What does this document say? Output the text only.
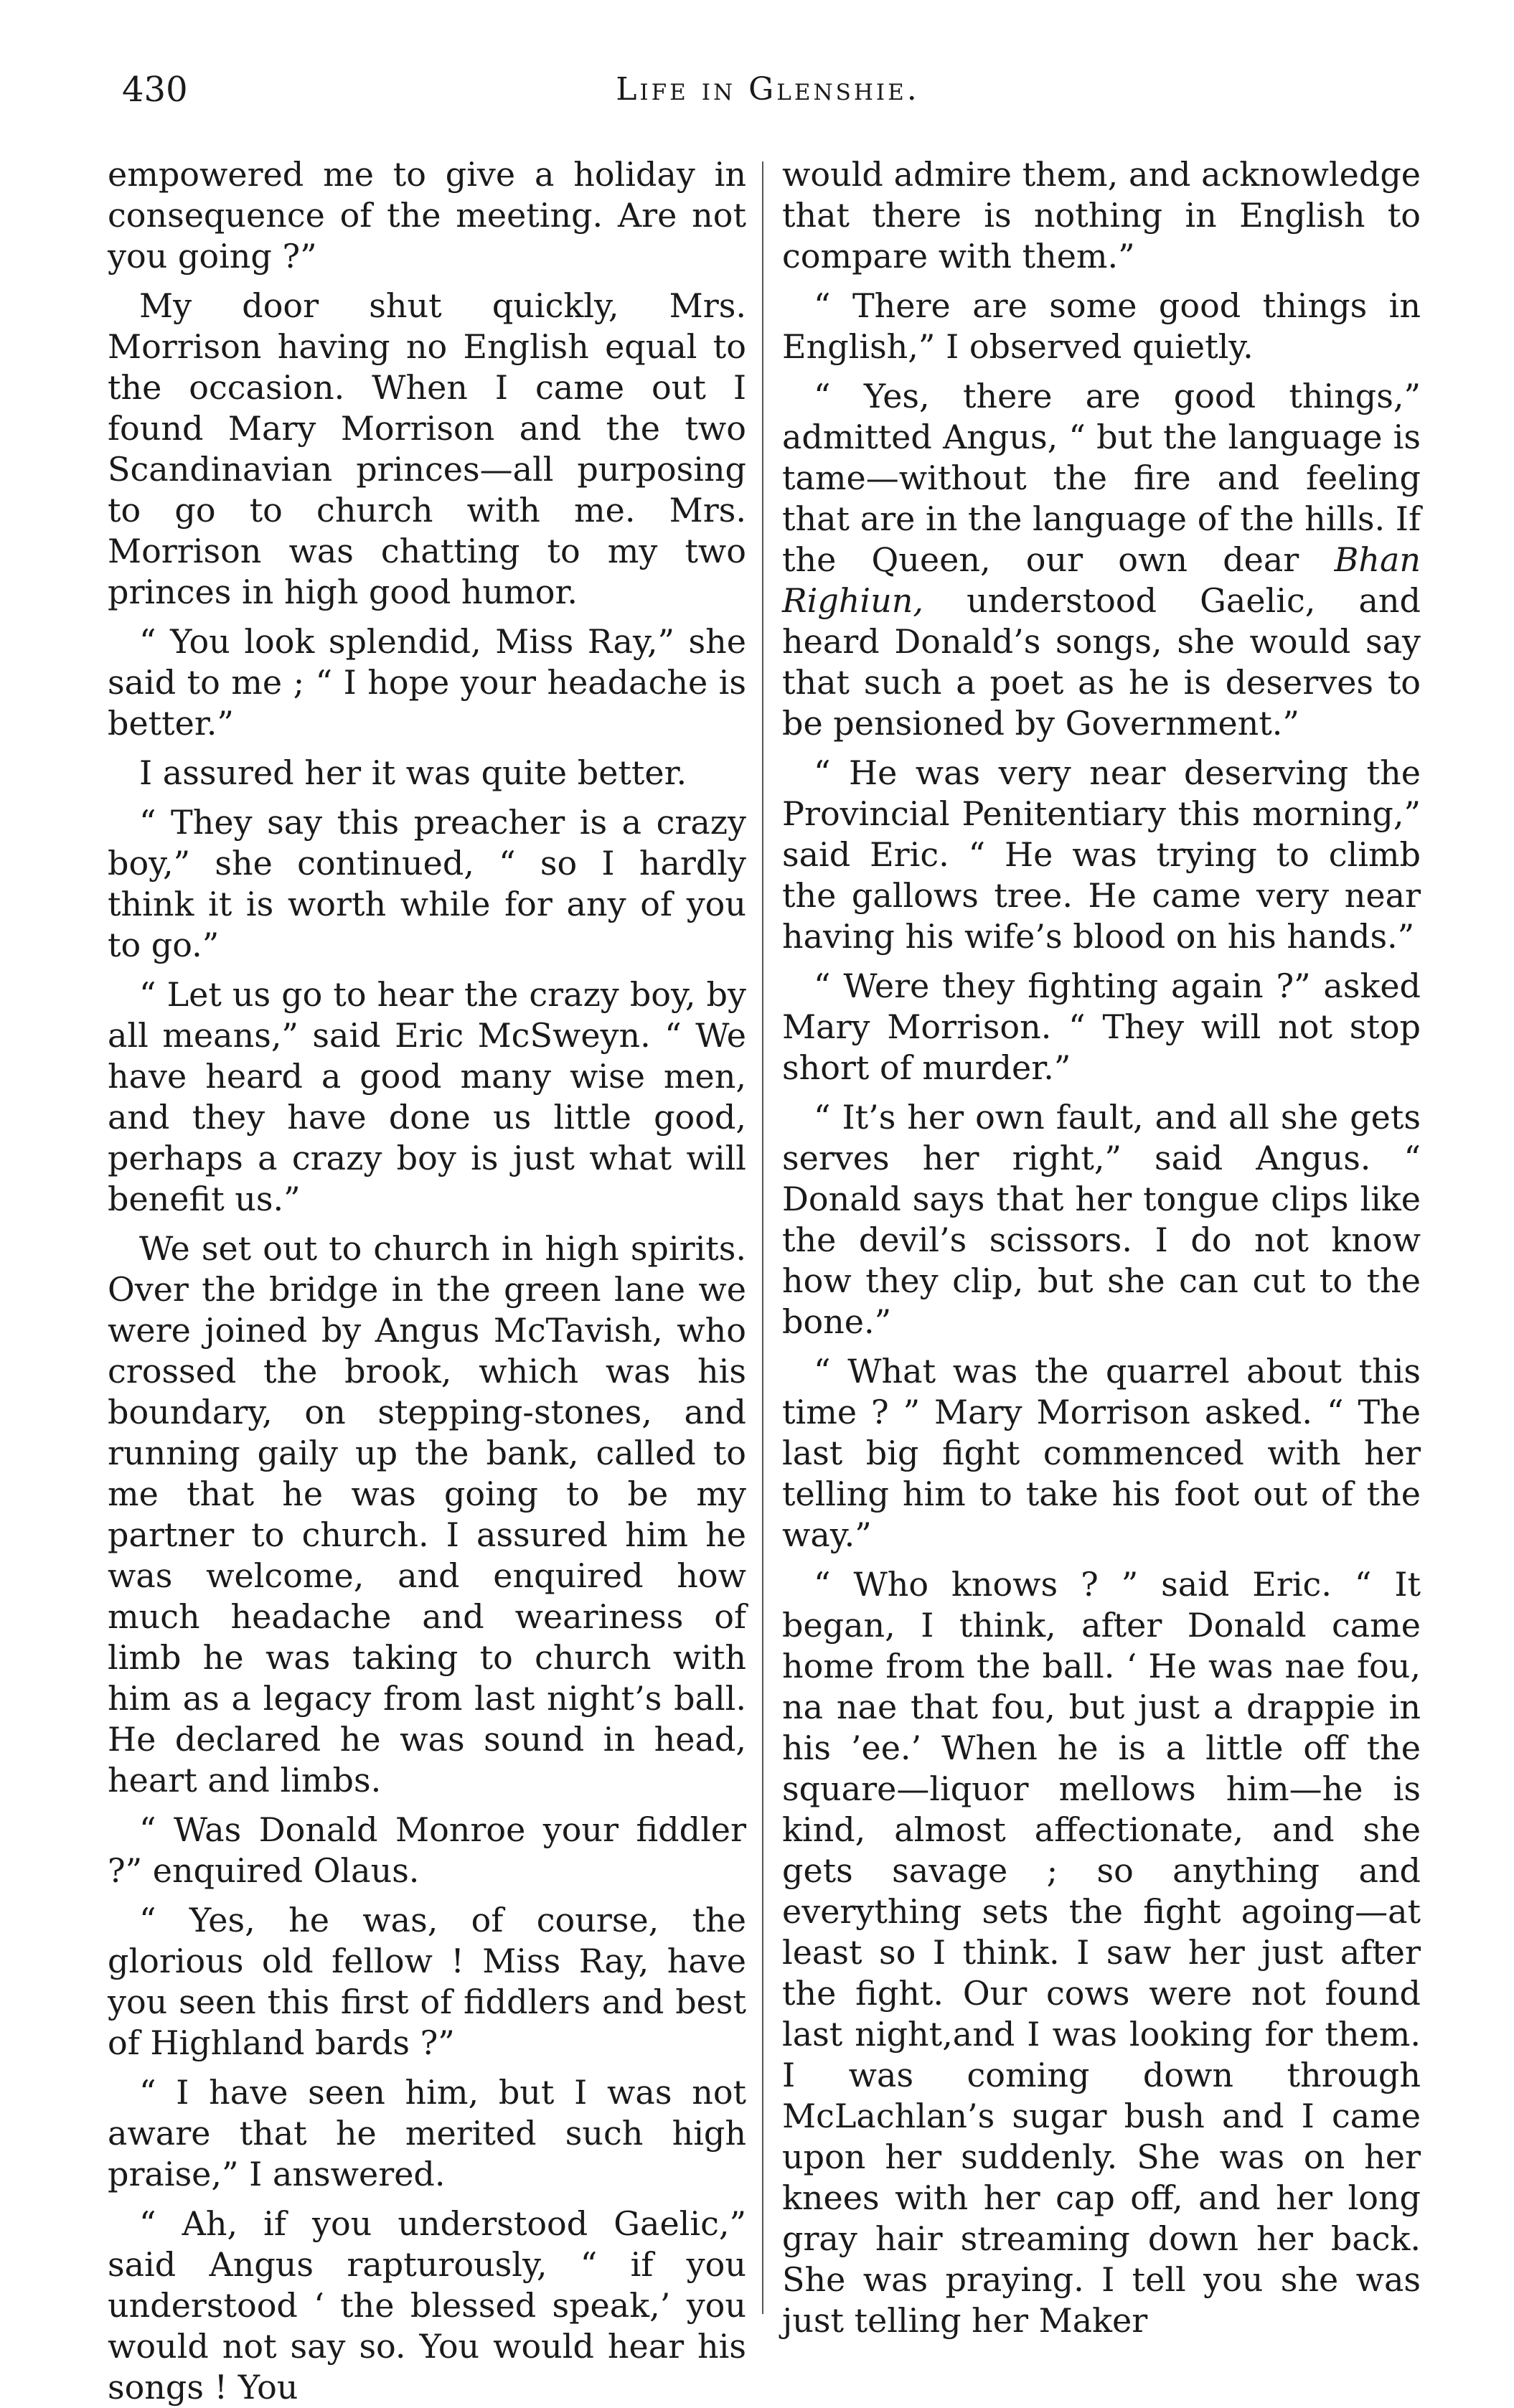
430	Life in Glenshie.

empowered me to give a holiday in consequence of the meeting. Are not you going ?”

My door shut quickly, Mrs. Morrison having no English equal to the occasion. When I came out I found Mary Morrison and the two Scandinavian princes—all purposing to go to church with me. Mrs. Morrison was chatting to my two princes in high good humor.

“ You look splendid, Miss Ray,” she said to me ; “ I hope your headache is better.”

I assured her it was quite better.

“ They say this preacher is a crazy boy,” she continued, “ so I hardly think it is worth while for any of you to go.”

“ Let us go to hear the crazy boy, by all means,” said Eric McSweyn. “ We have heard a good many wise men, and they have done us little good, perhaps a crazy boy is just what will benefit us.”

We set out to church in high spirits. Over the bridge in the green lane we were joined by Angus McTavish, who crossed the brook, which was his boundary, on stepping-stones, and running gaily up the bank, called to me that he was going to be my partner to church. I assured him he was welcome, and enquired how much headache and weariness of limb he was taking to church with him as a legacy from last night’s ball. He declared he was sound in head, heart and limbs.

“ Was Donald Monroe your fiddler ?” enquired Olaus.

“ Yes, he was, of course, the glorious old fellow ! Miss Ray, have you seen this first of fiddlers and best of Highland bards ?”

“ I have seen him, but I was not aware that he merited such high praise,” I answered.

“ Ah, if you understood Gaelic,” said Angus rapturously, “ if you understood ‘ the blessed speak,’ you would not say so. You would hear his songs ! You

would admire them, and acknowledge that there is nothing in English to compare with them.”

“ There are some good things in English,” I observed quietly.

“ Yes, there are good things,” admitted Angus, “ but the language is tame—without the fire and feeling that are in the language of the hills. If the Queen, our own dear Bhan Righiun, understood Gaelic, and heard Donald’s songs, she would say that such a poet as he is deserves to be pensioned by Government.”

“ He was very near deserving the Provincial Penitentiary this morning,” said Eric. “ He was trying to climb the gallows tree. He came very near having his wife’s blood on his hands.”

“ Were they fighting again ?” asked Mary Morrison. “ They will not stop short of murder.”

“ It’s her own fault, and all she gets serves her right,” said Angus. “ Donald says that her tongue clips like the devil’s scissors. I do not know how they clip, but she can cut to the bone.”

“ What was the quarrel about this time ? ” Mary Morrison asked. “ The last big fight commenced with her telling him to take his foot out of the way.”

“ Who knows ? ” said Eric. “ It began, I think, after Donald came home from the ball. ‘ He was nae fou, na nae that fou, but just a drappie in his ’ee.’ When he is a little off the square—liquor mellows him—he is kind, almost affectionate, and she gets savage ; so anything and everything sets the fight agoing—at least so I think. I saw her just after the fight. Our cows were not found last night,and I was looking for them. I was coming down through McLachlan’s sugar bush and I came upon her suddenly. She was on her knees with her cap off, and her long gray hair streaming down her back. She was praying. I tell you she was just telling her Maker
